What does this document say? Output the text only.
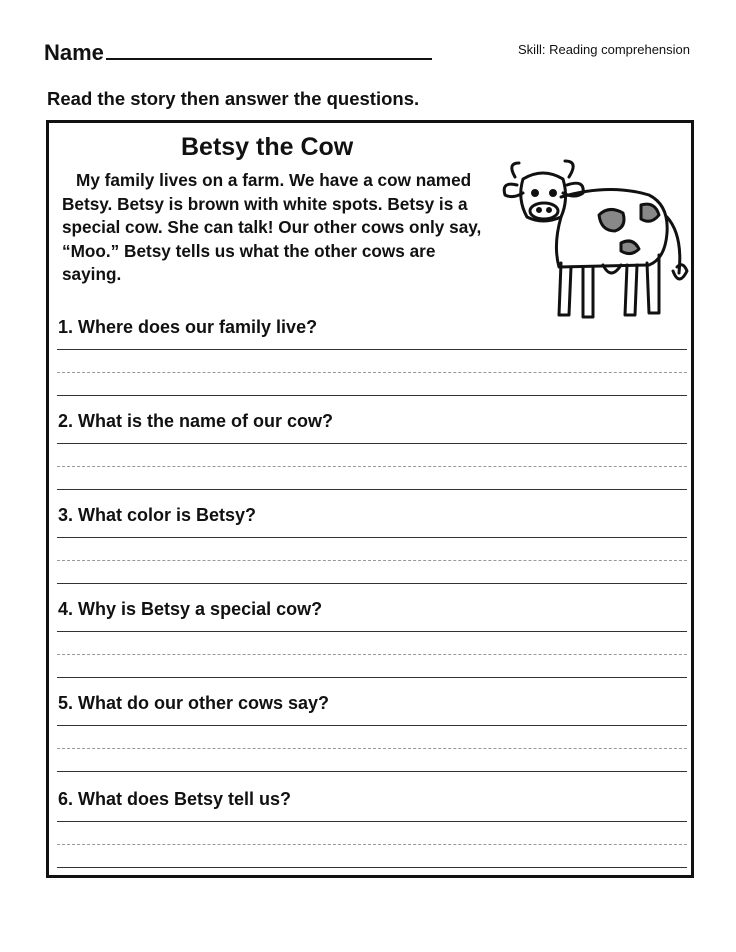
Name	Skill: Reading comprehension
Read the story then answer the questions.
Betsy the Cow

My family lives on a farm. We have a cow named Betsy. Betsy is brown with white spots. Betsy is a special cow. She can talk! Our other cows only say, “Moo.” Betsy tells us what the other cows are saying.

1. Where does our family live?
2. What is the name of our cow?
3. What color is Betsy?
4. Why is Betsy a special cow?
5. What do our other cows say?
6. What does Betsy tell us?
